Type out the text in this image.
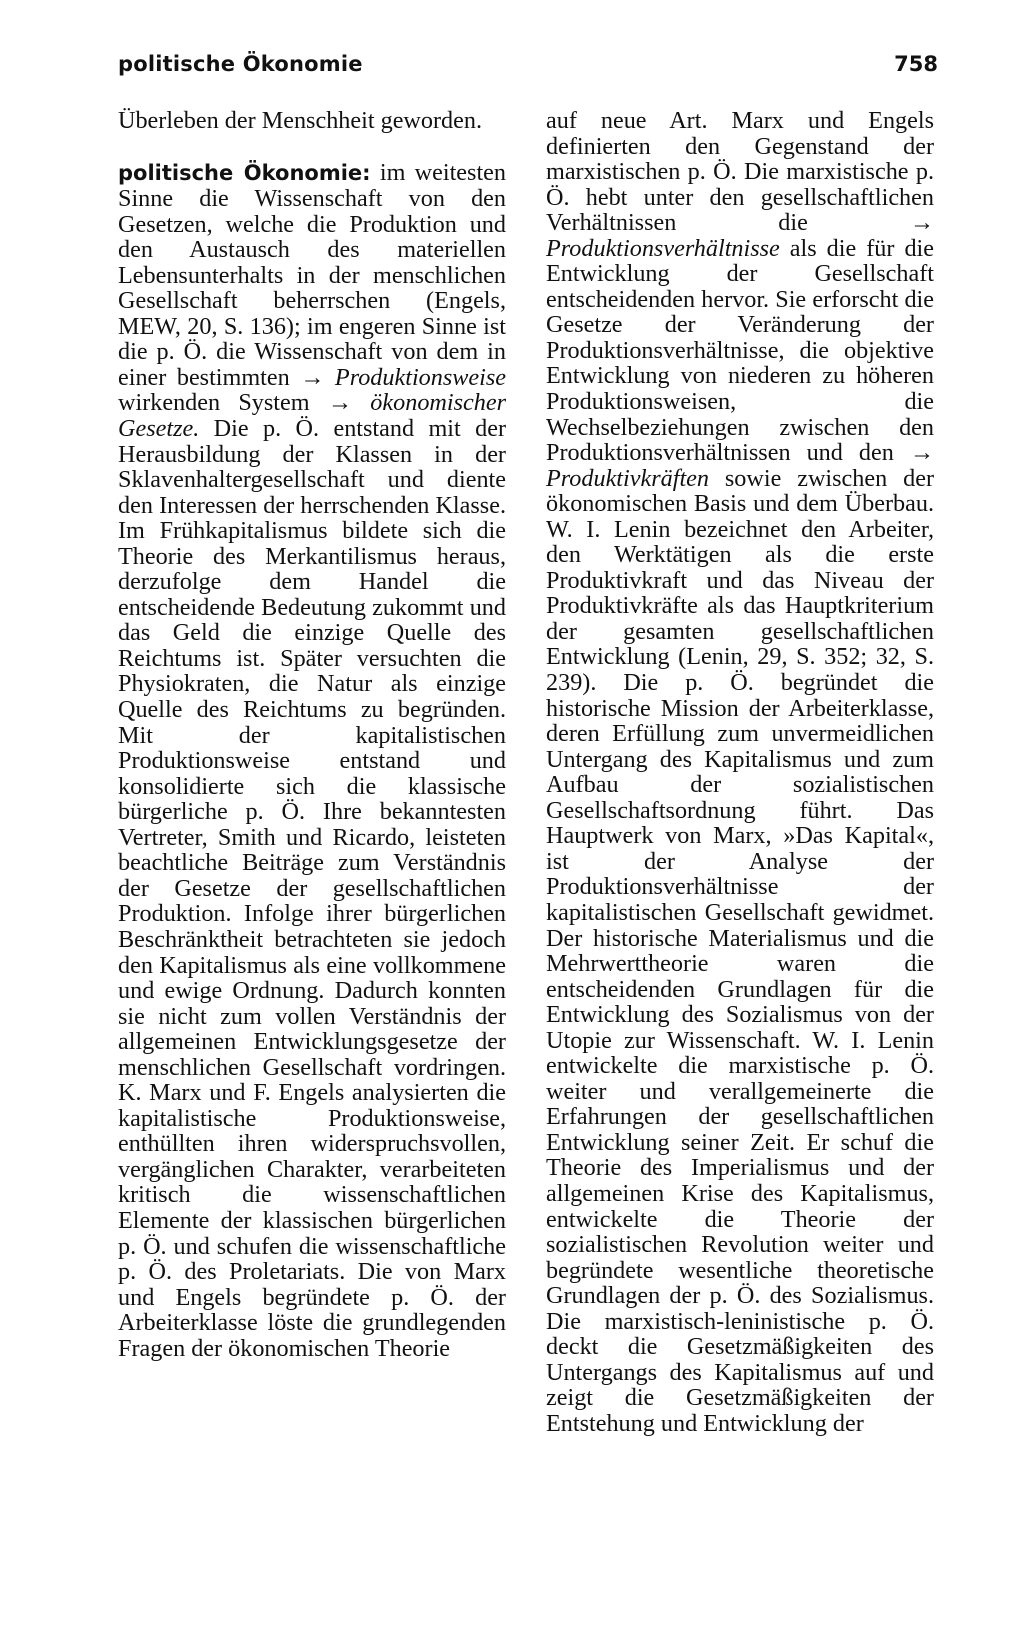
politische Ökonomie	758

Überleben der Menschheit geworden.

politische Ökonomie: im weitesten Sinne die Wissenschaft von den Gesetzen, welche die Produktion und den Austausch des materiellen Lebensunterhalts in der menschlichen Gesellschaft beherrschen (Engels, MEW, 20, S. 136); im engeren Sinne ist die p. Ö. die Wissenschaft von dem in einer bestimmten → Produktionsweise wirkenden System → ökonomischer Gesetze. Die p. Ö. entstand mit der Herausbildung der Klassen in der Sklavenhaltergesellschaft und diente den Interessen der herrschenden Klasse. Im Frühkapitalismus bildete sich die Theorie des Merkantilismus heraus, derzufolge dem Handel die entscheidende Bedeutung zukommt und das Geld die einzige Quelle des Reichtums ist. Später versuchten die Physiokraten, die Natur als einzige Quelle des Reichtums zu begründen. Mit der kapitalistischen Produktionsweise entstand und konsolidierte sich die klassische bürgerliche p. Ö. Ihre bekanntesten Vertreter, Smith und Ricardo, leisteten beachtliche Beiträge zum Verständnis der Gesetze der gesellschaftlichen Produktion. Infolge ihrer bürgerlichen Beschränktheit betrachteten sie jedoch den Kapitalismus als eine vollkommene und ewige Ordnung. Dadurch konnten sie nicht zum vollen Verständnis der allgemeinen Entwicklungsgesetze der menschlichen Gesellschaft vordringen. K. Marx und F. Engels analysierten die kapitalistische Produktionsweise, enthüllten ihren widerspruchsvollen, vergänglichen Charakter, verarbeiteten kritisch die wissenschaftlichen Elemente der klassischen bürgerlichen p. Ö. und schufen die wissenschaftliche p. Ö. des Proletariats. Die von Marx und Engels begründete p. Ö. der Arbeiterklasse löste die grundlegenden Fragen der ökonomischen Theorie

auf neue Art. Marx und Engels definierten den Gegenstand der marxistischen p. Ö. Die marxistische p. Ö. hebt unter den gesellschaftlichen Verhältnissen die → Produktionsverhältnisse als die für die Entwicklung der Gesellschaft entscheidenden hervor. Sie erforscht die Gesetze der Veränderung der Produktionsverhältnisse, die objektive Entwicklung von niederen zu höheren Produktionsweisen, die Wechselbeziehungen zwischen den Produktionsverhältnissen und den → Produktivkräften sowie zwischen der ökonomischen Basis und dem Überbau. W. I. Lenin bezeichnet den Arbeiter, den Werktätigen als die erste Produktivkraft und das Niveau der Produktivkräfte als das Hauptkriterium der gesamten gesellschaftlichen Entwicklung (Lenin, 29, S. 352; 32, S. 239). Die p. Ö. begründet die historische Mission der Arbeiterklasse, deren Erfüllung zum unvermeidlichen Untergang des Kapitalismus und zum Aufbau der sozialistischen Gesellschaftsordnung führt. Das Hauptwerk von Marx, »Das Kapital«, ist der Analyse der Produktionsverhältnisse der kapitalistischen Gesellschaft gewidmet. Der historische Materialismus und die Mehrwerttheorie waren die entscheidenden Grundlagen für die Entwicklung des Sozialismus von der Utopie zur Wissenschaft. W. I. Lenin entwickelte die marxistische p. Ö. weiter und verallgemeinerte die Erfahrungen der gesellschaftlichen Entwicklung seiner Zeit. Er schuf die Theorie des Imperialismus und der allgemeinen Krise des Kapitalismus, entwickelte die Theorie der sozialistischen Revolution weiter und begründete wesentliche theoretische Grundlagen der p. Ö. des Sozialismus. Die marxistisch-leninistische p. Ö. deckt die Gesetzmäßigkeiten des Untergangs des Kapitalismus auf und zeigt die Gesetzmäßigkeiten der Entstehung und Entwicklung der
